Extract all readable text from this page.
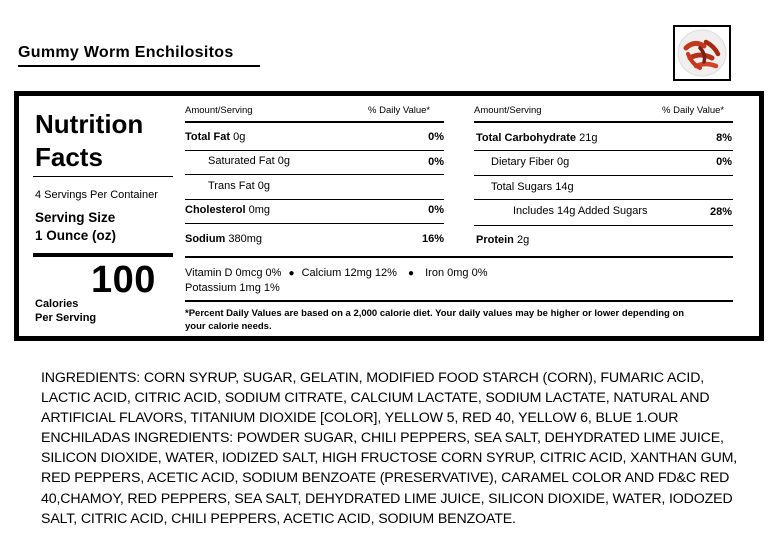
Gummy Worm Enchilositos
Nutrition
Facts
4 Servings Per Container
Serving Size
1 Ounce (oz)
100
Calories
Per Serving
Amount/Serving	% Daily Value*
Total Fat 0g	0%
Saturated Fat 0g	0%
Trans Fat 0g
Cholesterol 0mg	0%
Sodium 380mg	16%
Amount/Serving	% Daily Value*
Total Carbohydrate 21g	8%
Dietary Fiber 0g	0%
Total Sugars 14g
Includes 14g Added Sugars	28%
Protein 2g
Vitamin D 0mcg 0% ● Calcium 12mg 12% ● Iron 0mg 0%
Potassium 1mg 1%
*Percent Daily Values are based on a 2,000 calorie diet. Your daily values may be higher or lower depending on your calorie needs.
INGREDIENTS: CORN SYRUP, SUGAR, GELATIN, MODIFIED FOOD STARCH (CORN), FUMARIC ACID, LACTIC ACID, CITRIC ACID, SODIUM CITRATE, CALCIUM LACTATE, SODIUM LACTATE, NATURAL AND ARTIFICIAL FLAVORS, TITANIUM DIOXIDE [COLOR], YELLOW 5, RED 40, YELLOW 6, BLUE 1.OUR ENCHILADAS INGREDIENTS: POWDER SUGAR, CHILI PEPPERS, SEA SALT, DEHYDRATED LIME JUICE, SILICON DIOXIDE, WATER, IODIZED SALT, HIGH FRUCTOSE CORN SYRUP, CITRIC ACID, XANTHAN GUM, RED PEPPERS, ACETIC ACID, SODIUM BENZOATE (PRESERVATIVE), CARAMEL COLOR AND FD&C RED 40,CHAMOY, RED PEPPERS, SEA SALT, DEHYDRATED LIME JUICE, SILICON DIOXIDE, WATER, IODOZED SALT, CITRIC ACID, CHILI PEPPERS, ACETIC ACID, SODIUM BENZOATE.
